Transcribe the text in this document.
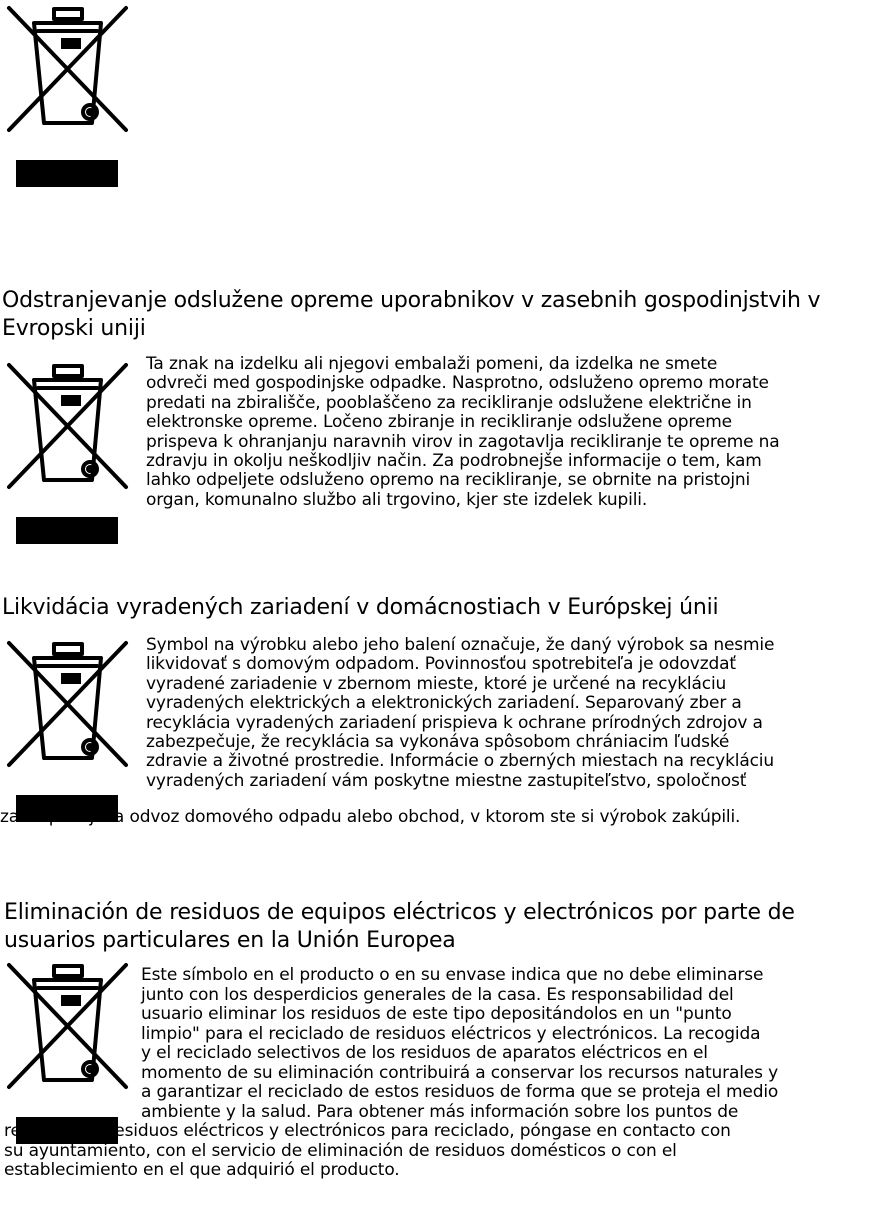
Odstranjevanje odslužene opreme uporabnikov v zasebnih gospodinjstvih v Evropski uniji
Ta znak na izdelku ali njegovi embalaži pomeni, da izdelka ne smete
odvreči med gospodinjske odpadke. Nasprotno, odsluženo opremo morate
predati na zbirališče, pooblaščeno za recikliranje odslužene električne in
elektronske opreme. Ločeno zbiranje in recikliranje odslužene opreme
prispeva k ohranjanju naravnih virov in zagotavlja recikliranje te opreme na
zdravju in okolju neškodljiv način. Za podrobnejše informacije o tem, kam
lahko odpeljete odsluženo opremo na recikliranje, se obrnite na pristojni
organ, komunalno službo ali trgovino, kjer ste izdelek kupili.
Likvidácia vyradených zariadení v domácnostiach v Európskej únii
Symbol na výrobku alebo jeho balení označuje, že daný výrobok sa nesmie
likvidovať s domovým odpadom. Povinnosťou spotrebiteľa je odovzdať
vyradené zariadenie v zbernom mieste, ktoré je určené na recykláciu
vyradených elektrických a elektronických zariadení. Separovaný zber a
recyklácia vyradených zariadení prispieva k ochrane prírodných zdrojov a
zabezpečuje, že recyklácia sa vykonáva spôsobom chrániacim ľudské
zdravie a životné prostredie. Informácie o zberných miestach na recykláciu
vyradených zariadení vám poskytne miestne zastupiteľstvo, spoločnosť
zabezpečujúca odvoz domového odpadu alebo obchod, v ktorom ste si výrobok zakúpili.
Eliminación de residuos de equipos eléctricos y electrónicos por parte de usuarios particulares en la Unión Europea
Este símbolo en el producto o en su envase indica que no debe eliminarse
junto con los desperdicios generales de la casa. Es responsabilidad del
usuario eliminar los residuos de este tipo depositándolos en un "punto
limpio" para el reciclado de residuos eléctricos y electrónicos. La recogida
y el reciclado selectivos de los residuos de aparatos eléctricos en el
momento de su eliminación contribuirá a conservar los recursos naturales y
a garantizar el reciclado de estos residuos de forma que se proteja el medio
ambiente y la salud. Para obtener más información sobre los puntos de
recogida de residuos eléctricos y electrónicos para reciclado, póngase en contacto con
su ayuntamiento, con el servicio de eliminación de residuos domésticos o con el
establecimiento en el que adquirió el producto.
